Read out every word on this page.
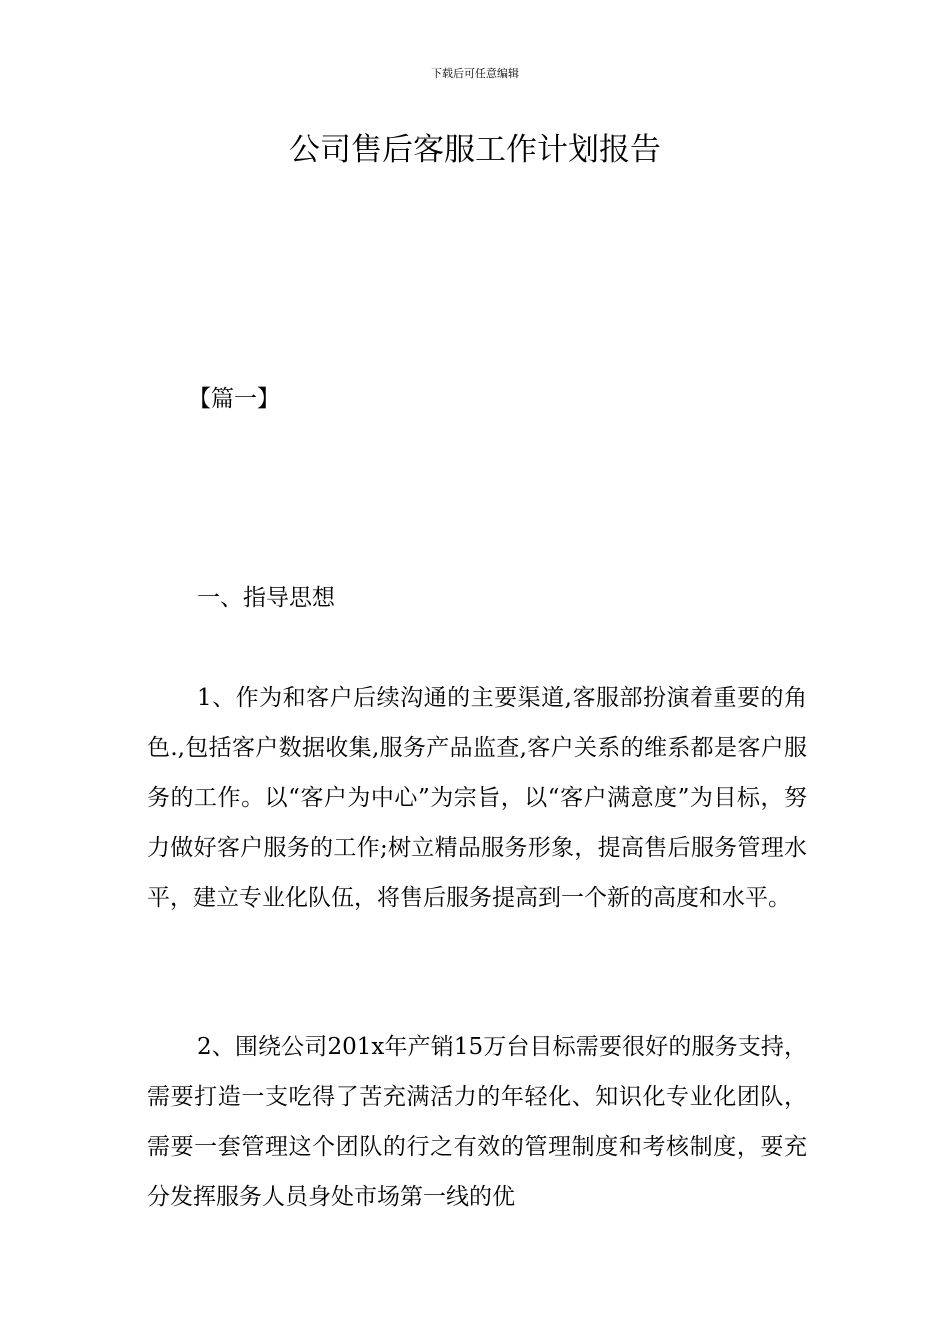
下载后可任意编辑
公司售后客服工作计划报告
【篇一】
一、指导思想

1、作为和客户后续沟通的主要渠道,客服部扮演着重要的角色.,包括客户数据收集,服务产品监查,客户关系的维系都是客户服务的工作。以“客户为中心”为宗旨，以“客户满意度”为目标，努力做好客户服务的工作;树立精品服务形象，提高售后服务管理水平，建立专业化队伍，将售后服务提高到一个新的高度和水平。

2、围绕公司201x年产销15万台目标需要很好的服务支持，需要打造一支吃得了苦充满活力的年轻化、知识化专业化团队，需要一套管理这个团队的行之有效的管理制度和考核制度，要充分发挥服务人员身处市场第一线的优
